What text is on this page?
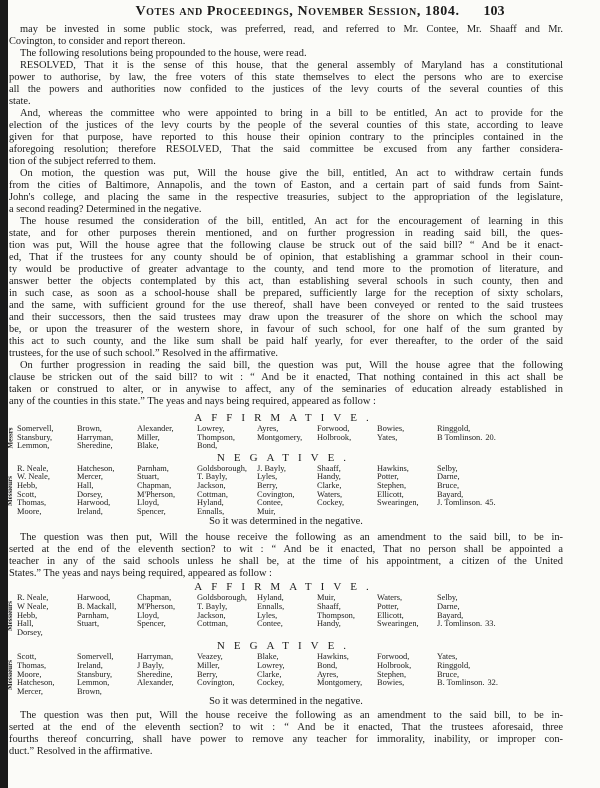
Votes and Proceedings, November Session, 1804. 103
may be invested in some public stock, was preferred, read, and referred to Mr. Contee, Mr. Shaaff and Mr.
Covington, to consider and report thereon.
The following resolutions being propounded to the house, were read.
RESOLVED, That it is the sense of this house, that the general assembly of Maryland has a constitutional
power to authorise, by law, the free voters of this state themselves to elect the persons who are to exercise
all the powers and authorities now confided to the justices of the levy courts of the several counties of this
state.
And, whereas the committee who were appointed to bring in a bill to be entitled, An act to provide for the
election of the justices of the levy courts by the people of the several counties of this state, according to leave
given for that purpose, have reported to this house their opinion contrary to the principles contained in the
aforegoing resolution; therefore RESOLVED, That the said committee be excused from any farther considera-
tion of the subject referred to them.
On motion, the question was put, Will the house give the bill, entitled, An act to withdraw certain funds
from the cities of Baltimore, Annapolis, and the town of Easton, and a certain part of said funds from Saint-
John's college, and placing the same in the respective treasuries, subject to the appropriation of the legislature,
a second reading? Determined in the negative.
The house resumed the consideration of the bill, entitled, An act for the encouragement of learning in this
state, and for other purposes therein mentioned, and on further progression in reading said bill, the ques-
tion was put, Will the house agree that the following clause be struck out of the said bill? “ And be it enact-
ed, That if the trustees for any county should be of opinion, that establishing a grammar school in their coun-
ty would be productive of greater advantage to the county, and tend more to the promotion of literature, and
answer better the objects contemplated by this act, than establishing several schools in such county, then and
in such case, as soon as a school-house shall be prepared, sufficiently large for the reception of sixty scholars,
and the same, with sufficient ground for the use thereof, shall have been conveyed or rented to the said trustees
and their successors, then the said trustees may draw upon the treasurer of the shore on which the school may
be, or upon the treasurer of the western shore, in favour of such school, for one half of the sum granted by
this act to such county, and the like sum shall be paid half yearly, for ever thereafter, to the order of the said
trustees, for the use of such school.” Resolved in the affirmative.
On further progression in reading the said bill, the question was put, Will the house agree that the following
clause be stricken out of the said bill? to wit : “ And be it enacted, That nothing contained in this act shall be
taken or construed to alter, or in anywise to affect, any of the seminaries of education already established in
any of the counties in this state.” The yeas and nays being required, appeared as follow :
AFFIRMATIVE.
Messrs Somervell,
Stansbury,
Lemmon,
Brown,
Harryman,
Sheredine,
Alexander,
Miller,
Blake,
Lowrey,
Thompson,
Bond,
Ayres,
Montgomery,
Forwood,
Holbrook,
Bowies,
Yates,
Ringgold,
B Tomlinson. 20.
NEGATIVE.
Messieurs
R. Neale,
W. Neale,
Hebb,
Scott,
Thomas,
Moore,
Hatcheson,
Mercer,
Hall,
Dorsey,
Harwood,
Ireland,
Parnham,
Stuart,
Chapman,
M'Pherson,
Lloyd,
Spencer,
Goldsborough,
T. Bayly,
Jackson,
Cottman,
Hyland,
Ennalls,
J. Bayly,
Lyles,
Berry,
Covington,
Contee,
Muir,
Shaaff,
Handy,
Clarke,
Waters,
Cockey,
Hawkins,
Potter,
Stephen,
Ellicott,
Swearingen,
Selby,
Darne,
Bruce,
Bayard,
J. Tomlinson. 45.
So it was determined in the negative.
The question was then put, Will the house receive the following as an amendment to the said bill, to be in-
serted at the end of the eleventh section? to wit : “ And be it enacted, That no person shall be appointed a
teacher in any of the said schools unless he shall be, at the time of his appointment, a citizen of the United
States.” The yeas and nays being required, appeared as follow :
AFFIRMATIVE.
Messieurs
R. Neale,
W Neale,
Hebb,
Hall,
Dorsey,
Harwood,
B. Mackall,
Parnham,
Stuart,
Chapman,
M'Pherson,
Lloyd,
Spencer,
Goldsborough,
T. Bayly,
Jackson,
Cottman,
Hyland,
Ennalls,
Lyles,
Contee,
Muir,
Shaaff,
Thompson,
Handy,
Waters,
Potter,
Ellicott,
Swearingen,
Selby,
Darne,
Bayard,
J. Tomlinson. 33.
NEGATIVE.
Messieurs
Scott,
Thomas,
Moore,
Hatcheson,
Mercer,
Somervell,
Ireland,
Stansbury,
Lemmon,
Brown,
Harryman,
J Bayly,
Sheredine,
Alexander,
Veazey,
Miller,
Berry,
Covington,
Blake,
Lowrey,
Clarke,
Cockey,
Hawkins,
Bond,
Ayres,
Montgomery,
Forwood,
Holbrook,
Stephen,
Bowies,
Yates,
Ringgold,
Bruce,
B. Tomlinson. 32.
So it was determined in the negative.
The question was then put, Will the house receive the following as an amendment to the said bill, to be in-
serted at the end of the eleventh section? to wit : “ And be it enacted, That the trustees aforesaid, three
fourths thereof concurring, shall have power to remove any teacher for immorality, inability, or improper con-
duct.” Resolved in the affirmative.
